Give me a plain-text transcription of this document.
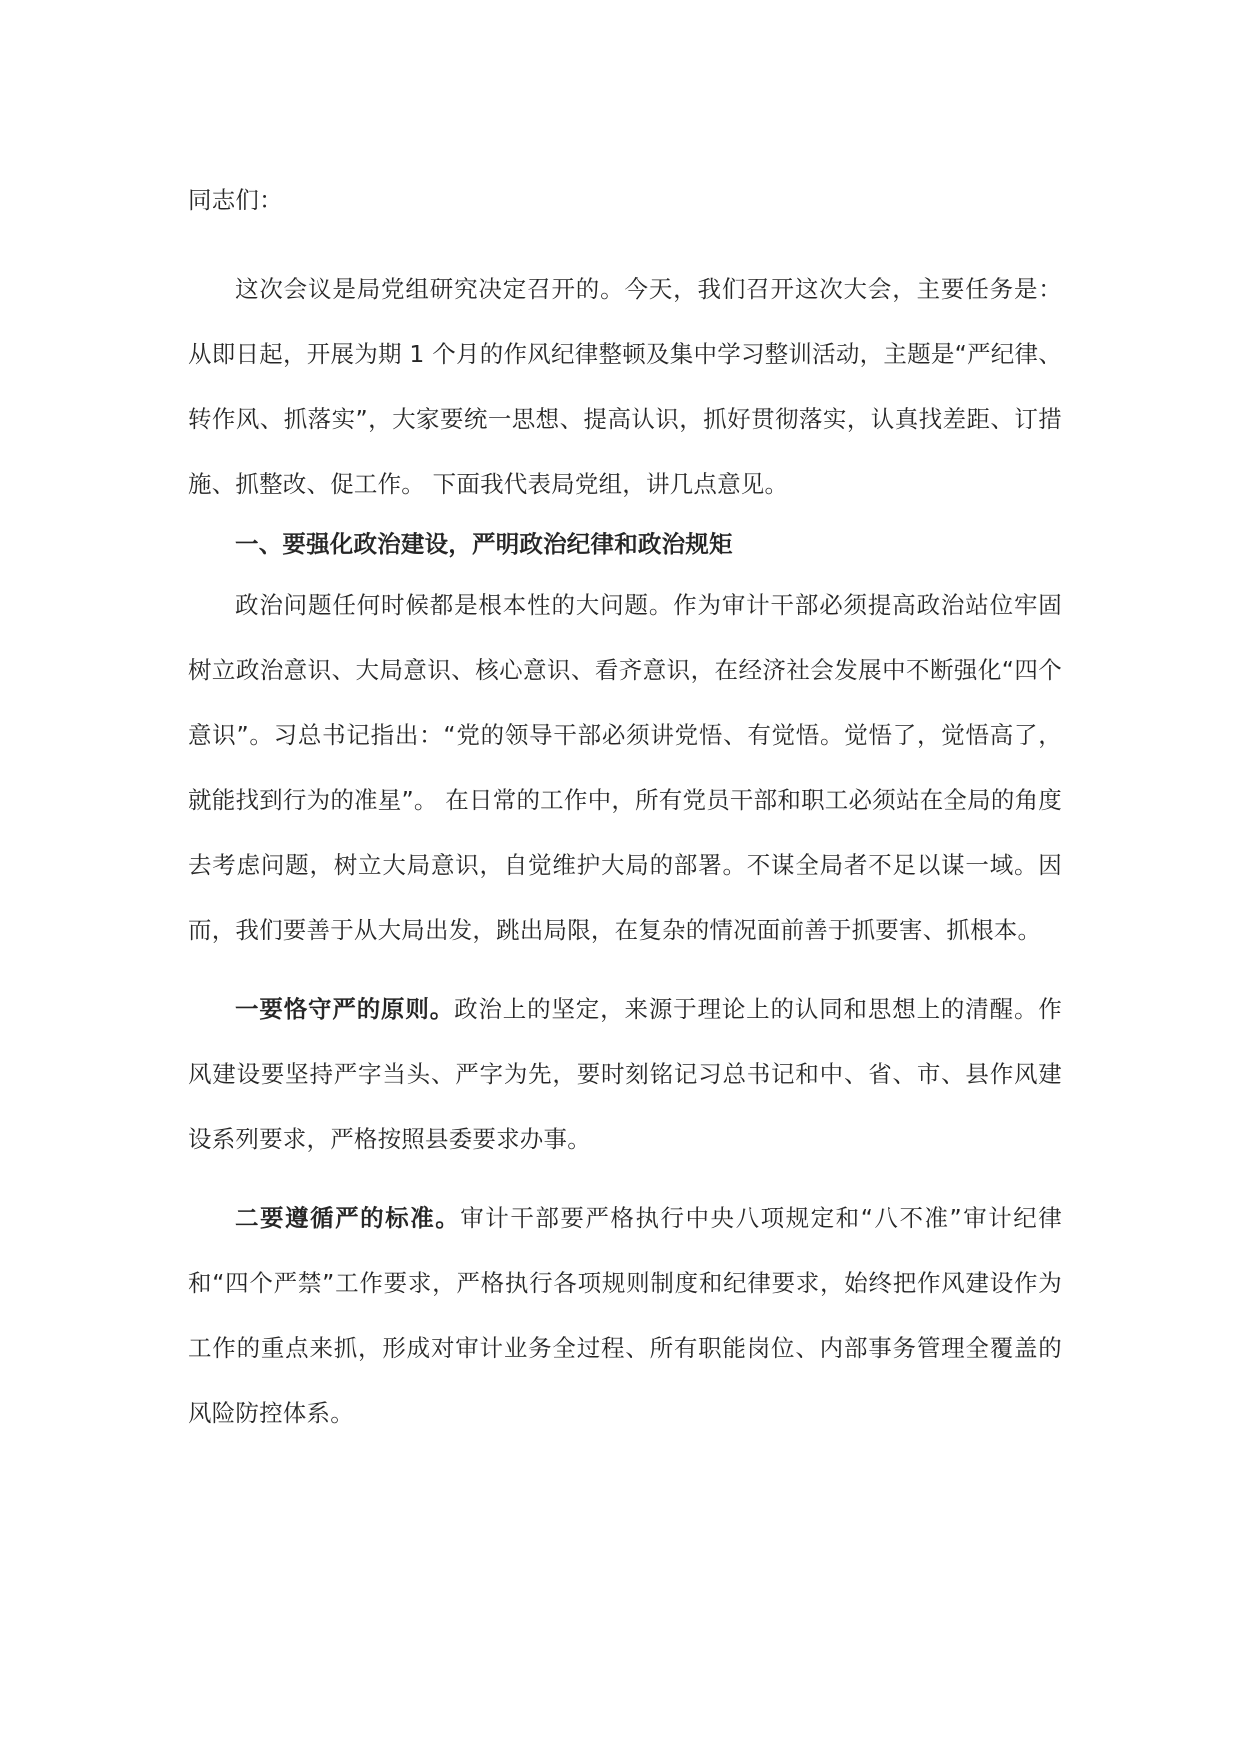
同志们：

这次会议是局党组研究决定召开的。今天，我们召开这次大会，主要任务是：从即日起，开展为期 1 个月的作风纪律整顿及集中学习整训活动，主题是“严纪律、转作风、抓落实”，大家要统一思想、提高认识，抓好贯彻落实，认真找差距、订措施、抓整改、促工作。 下面我代表局党组，讲几点意见。

一、要强化政治建设，严明政治纪律和政治规矩

政治问题任何时候都是根本性的大问题。作为审计干部必须提高政治站位牢固树立政治意识、大局意识、核心意识、看齐意识，在经济社会发展中不断强化“四个意识”。习总书记指出：“党的领导干部必须讲党悟、有觉悟。觉悟了，觉悟高了，就能找到行为的准星”。 在日常的工作中，所有党员干部和职工必须站在全局的角度去考虑问题，树立大局意识，自觉维护大局的部署。不谋全局者不足以谋一域。因而，我们要善于从大局出发，跳出局限，在复杂的情况面前善于抓要害、抓根本。

一要恪守严的原则。政治上的坚定，来源于理论上的认同和思想上的清醒。作风建设要坚持严字当头、严字为先，要时刻铭记习总书记和中、省、市、县作风建设系列要求，严格按照县委要求办事。

二要遵循严的标准。审计干部要严格执行中央八项规定和“八不准”审计纪律和“四个严禁”工作要求，严格执行各项规则制度和纪律要求，始终把作风建设作为工作的重点来抓，形成对审计业务全过程、所有职能岗位、内部事务管理全覆盖的风险防控体系。
